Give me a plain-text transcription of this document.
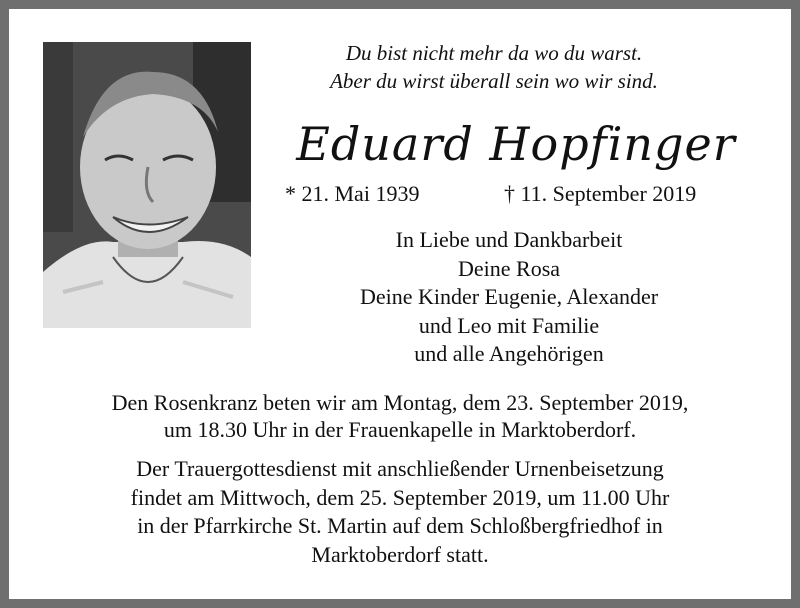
Du bist nicht mehr da wo du warst.
Aber du wirst überall sein wo wir sind.
Eduard Hopfinger
* 21. Mai 1939	† 11. September 2019
In Liebe und Dankbarbeit
Deine Rosa
Deine Kinder Eugenie, Alexander
und Leo mit Familie
und alle Angehörigen
Den Rosenkranz beten wir am Montag, dem 23. September 2019,
um 18.30 Uhr in der Frauenkapelle in Marktoberdorf.
Der Trauergottesdienst mit anschließender Urnenbeisetzung
findet am Mittwoch, dem 25. September 2019, um 11.00 Uhr
in der Pfarrkirche St. Martin auf dem Schloßbergfriedhof in
Marktoberdorf statt.
